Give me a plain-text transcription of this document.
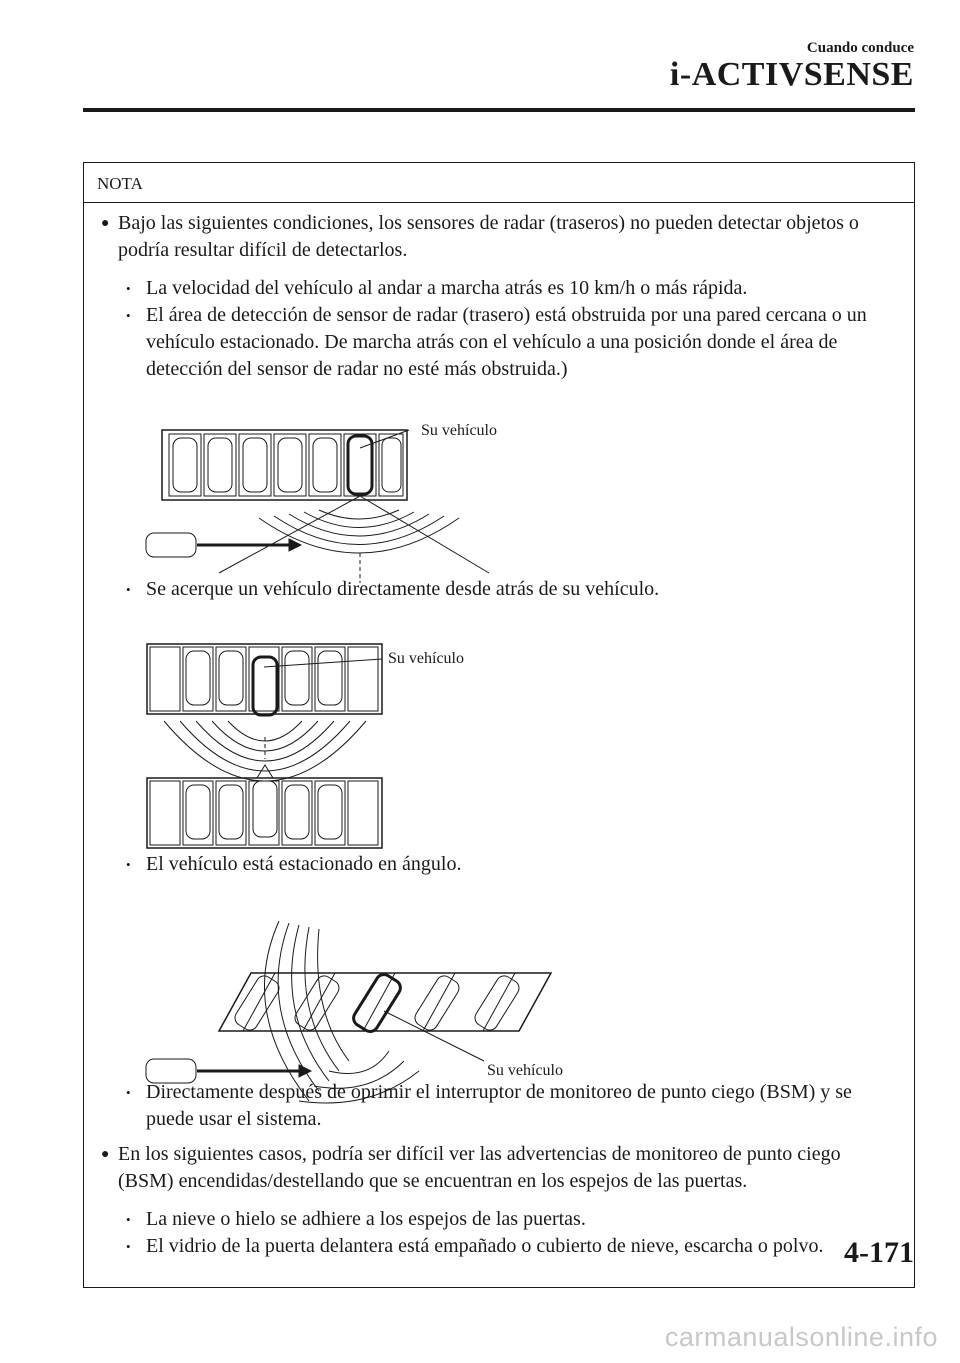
Cuando conduce
i-ACTIVSENSE
NOTA
● Bajo las siguientes condiciones, los sensores de radar (traseros) no pueden detectar objetos o podría resultar difícil de detectarlos.
• La velocidad del vehículo al andar a marcha atrás es 10 km/h o más rápida.
• El área de detección de sensor de radar (trasero) está obstruida por una pared cercana o un vehículo estacionado. De marcha atrás con el vehículo a una posición donde el área de detección del sensor de radar no esté más obstruida.)
Su vehículo
• Se acerque un vehículo directamente desde atrás de su vehículo.
Su vehículo
• El vehículo está estacionado en ángulo.
Su vehículo
• Directamente después de oprimir el interruptor de monitoreo de punto ciego (BSM) y se puede usar el sistema.
● En los siguientes casos, podría ser difícil ver las advertencias de monitoreo de punto ciego (BSM) encendidas/destellando que se encuentran en los espejos de las puertas.
• La nieve o hielo se adhiere a los espejos de las puertas.
• El vidrio de la puerta delantera está empañado o cubierto de nieve, escarcha o polvo. 4-171
carmanualsonline.info
